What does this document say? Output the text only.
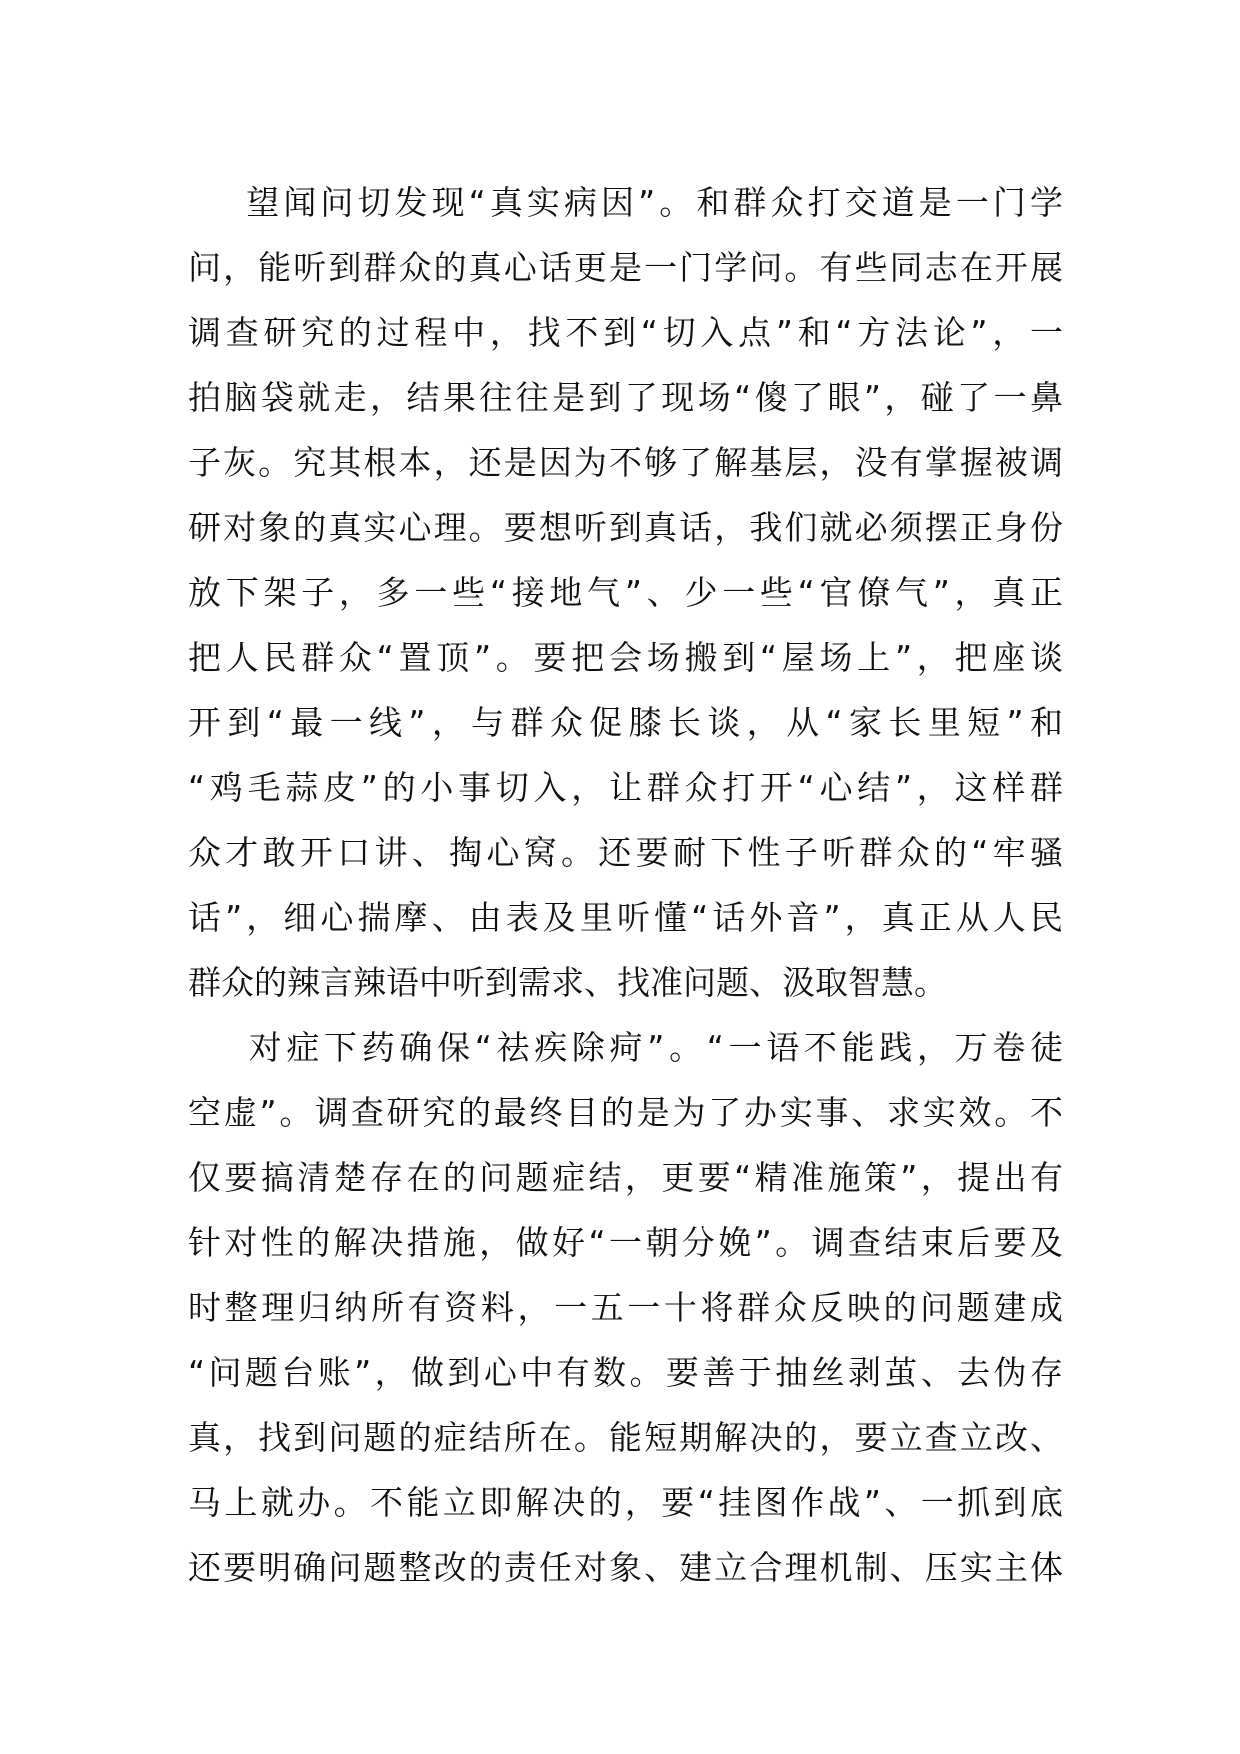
望闻问切发现“真实病因”。和群众打交道是一门学
问，能听到群众的真心话更是一门学问。有些同志在开展
调查研究的过程中，找不到“切入点”和“方法论”，一
拍脑袋就走，结果往往是到了现场“傻了眼”，碰了一鼻
子灰。究其根本，还是因为不够了解基层，没有掌握被调
研对象的真实心理。要想听到真话，我们就必须摆正身份
放下架子，多一些“接地气”、少一些“官僚气”，真正
把人民群众“置顶”。要把会场搬到“屋场上”，把座谈
开到“最一线”，与群众促膝长谈，从“家长里短”和
“鸡毛蒜皮”的小事切入，让群众打开“心结”，这样群
众才敢开口讲、掏心窝。还要耐下性子听群众的“牢骚
话”，细心揣摩、由表及里听懂“话外音”，真正从人民
群众的辣言辣语中听到需求、找准问题、汲取智慧。
对症下药确保“祛疾除疴”。“一语不能践，万卷徒
空虚”。调查研究的最终目的是为了办实事、求实效。不
仅要搞清楚存在的问题症结，更要“精准施策”，提出有
针对性的解决措施，做好“一朝分娩”。调查结束后要及
时整理归纳所有资料，一五一十将群众反映的问题建成
“问题台账”，做到心中有数。要善于抽丝剥茧、去伪存
真，找到问题的症结所在。能短期解决的，要立查立改、
马上就办。不能立即解决的，要“挂图作战”、一抓到底
还要明确问题整改的责任对象、建立合理机制、压实主体
